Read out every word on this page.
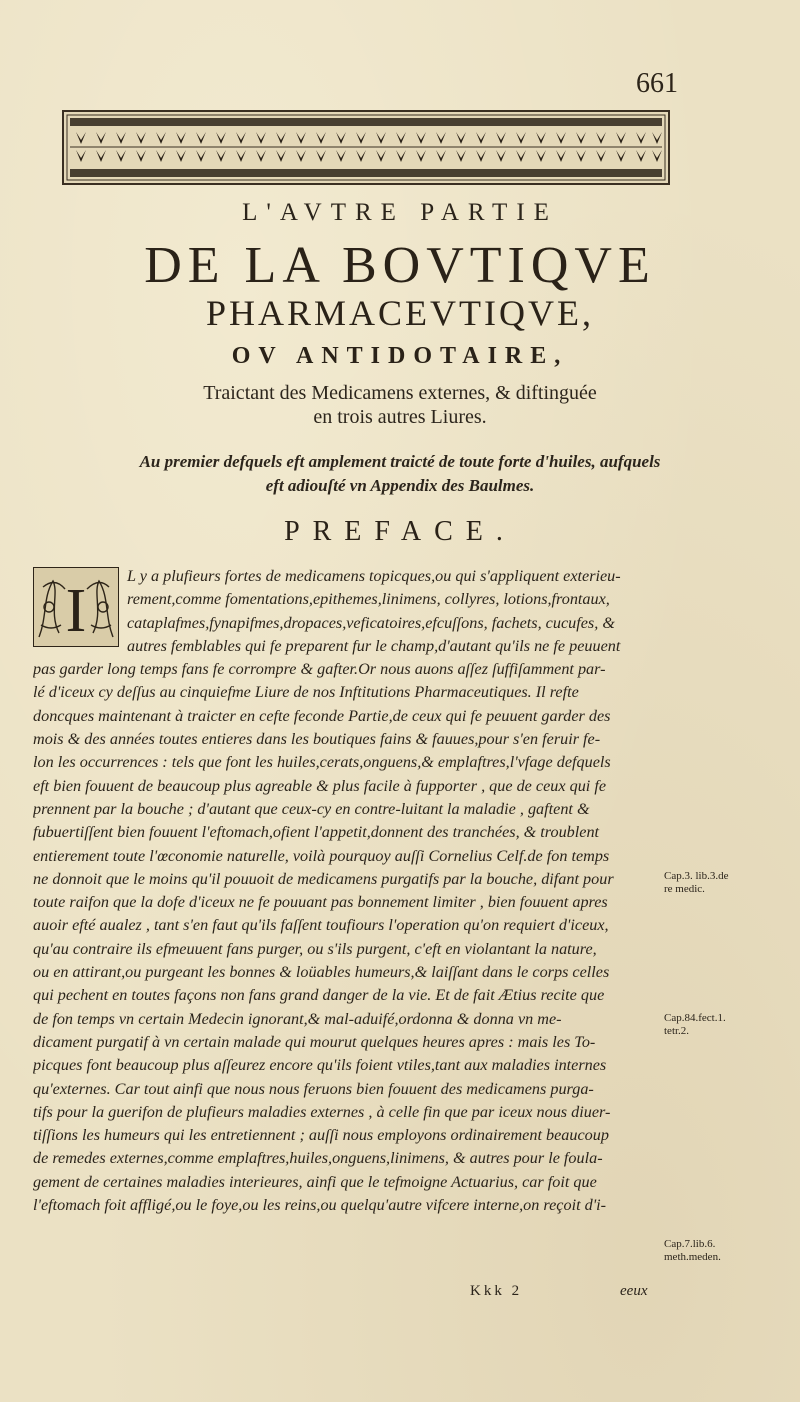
661
L'AVTRE PARTIE
DE LA BOVTIQVE
PHARMACEVTIQVE,
OV ANTIDOTAIRE,
Traictant des Medicamens externes, & diftinguée
en trois autres Liures.
Au premier defquels eft amplement traicté de toute forte d'huiles, aufquels
eft adiouſté vn Appendix des Baulmes.
PREFACE.
I
L y a plufieurs fortes de medicamens topicques,ou qui s'appliquent exterieu-
rement,comme fomentations,epithemes,linimens, collyres, lotions,frontaux,
cataplafmes,fynapifmes,dropaces,veficatoires,efcuſſons, fachets, cucufes, &
autres femblables qui fe preparent fur le champ,d'autant qu'ils ne fe peuuent
pas garder long temps fans fe corrompre & gafter.Or nous auons aſſez ſuffiſamment par-
lé d'iceux cy deſſus au cinquiefme Liure de nos Inftitutions Pharmaceutiques. Il refte
doncques maintenant à traicter en cefte feconde Partie,de ceux qui fe peuuent garder des
mois & des années toutes entieres dans les boutiques fains & fauues,pour s'en feruir fe-
lon les occurrences : tels que font les huiles,cerats,onguens,& emplaftres,l'vfage defquels
eft bien fouuent de beaucoup plus agreable & plus facile à fupporter , que de ceux qui fe
prennent par la bouche ; d'autant que ceux-cy en contre-luitant la maladie , gaftent &
fubuertiſſent bien fouuent l'eftomach,ofient l'appetit,donnent des tranchées, & troublent
entierement toute l'œconomie naturelle, voilà pourquoy auſſi Cornelius Celf.de fon temps
ne donnoit que le moins qu'il pouuoit de medicamens purgatifs par la bouche, difant pour
toute raifon que la dofe d'iceux ne fe pouuant pas bonnement limiter , bien fouuent apres
auoir efté aualez , tant s'en faut qu'ils faſſent toufiours l'operation qu'on requiert d'iceux,
qu'au contraire ils efmeuuent fans purger, ou s'ils purgent, c'eft en violantant la nature,
ou en attirant,ou purgeant les bonnes & loüables humeurs,& laiſſant dans le corps celles
qui pechent en toutes façons non fans grand danger de la vie. Et de fait Ætius recite que
de fon temps vn certain Medecin ignorant,& mal-aduifé,ordonna & donna vn me-
dicament purgatif à vn certain malade qui mourut quelques heures apres : mais les To-
picques font beaucoup plus aſſeurez encore qu'ils foient vtiles,tant aux maladies internes
qu'externes. Car tout ainfi que nous nous feruons bien fouuent des medicamens purga-
tifs pour la guerifon de plufieurs maladies externes , à celle fin que par iceux nous diuer-
tiſſions les humeurs qui les entretiennent ; auſſi nous employons ordinairement beaucoup
de remedes externes,comme emplaftres,huiles,onguens,linimens, & autres pour le foula-
gement de certaines maladies interieures, ainfi que le tefmoigne Actuarius, car foit que
l'eftomach foit affligé,ou le foye,ou les reins,ou quelqu'autre vifcere interne,on reçoit d'i-
Cap.3. lib.3.de
re medic.
Cap.84.fect.1.
tetr.2.
Cap.7.lib.6.
meth.meden.
Kkk 2	eeux
